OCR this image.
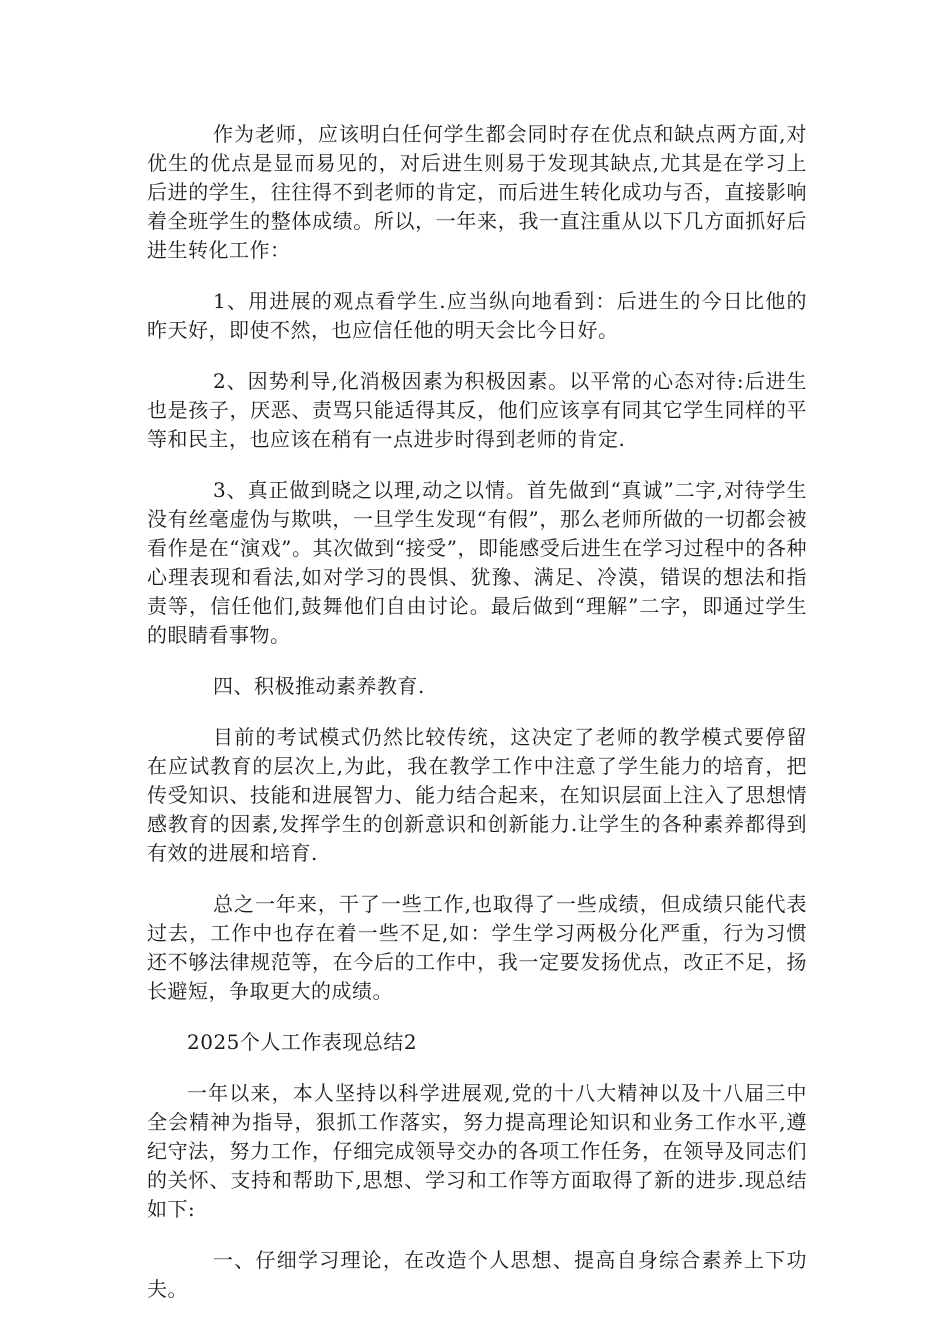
作为老师，应该明白任何学生都会同时存在优点和缺点两方面,对优生的优点是显而易见的，对后进生则易于发现其缺点,尤其是在学习上后进的学生，往往得不到老师的肯定，而后进生转化成功与否，直接影响着全班学生的整体成绩。所以，一年来，我一直注重从以下几方面抓好后进生转化工作：

1、用进展的观点看学生.应当纵向地看到：后进生的今日比他的昨天好，即使不然，也应信任他的明天会比今日好。

2、因势利导,化消极因素为积极因素。以平常的心态对待:后进生也是孩子，厌恶、责骂只能适得其反，他们应该享有同其它学生同样的平等和民主，也应该在稍有一点进步时得到老师的肯定.

3、真正做到晓之以理,动之以情。首先做到“真诚”二字,对待学生没有丝毫虚伪与欺哄，一旦学生发现“有假”，那么老师所做的一切都会被看作是在“演戏”。其次做到“接受”，即能感受后进生在学习过程中的各种心理表现和看法,如对学习的畏惧、犹豫、满足、冷漠，错误的想法和指责等，信任他们,鼓舞他们自由讨论。最后做到“理解”二字，即通过学生的眼睛看事物。

四、积极推动素养教育.

目前的考试模式仍然比较传统，这决定了老师的教学模式要停留在应试教育的层次上,为此，我在教学工作中注意了学生能力的培育，把传受知识、技能和进展智力、能力结合起来，在知识层面上注入了思想情感教育的因素,发挥学生的创新意识和创新能力.让学生的各种素养都得到有效的进展和培育.

总之一年来，干了一些工作,也取得了一些成绩，但成绩只能代表过去，工作中也存在着一些不足,如：学生学习两极分化严重，行为习惯还不够法律规范等，在今后的工作中，我一定要发扬优点，改正不足，扬长避短，争取更大的成绩。

2025个人工作表现总结2

一年以来，本人坚持以科学进展观,党的十八大精神以及十八届三中全会精神为指导，狠抓工作落实，努力提高理论知识和业务工作水平,遵纪守法，努力工作，仔细完成领导交办的各项工作任务，在领导及同志们的关怀、支持和帮助下,思想、学习和工作等方面取得了新的进步.现总结如下:

一、仔细学习理论，在改造个人思想、提高自身综合素养上下功夫。
